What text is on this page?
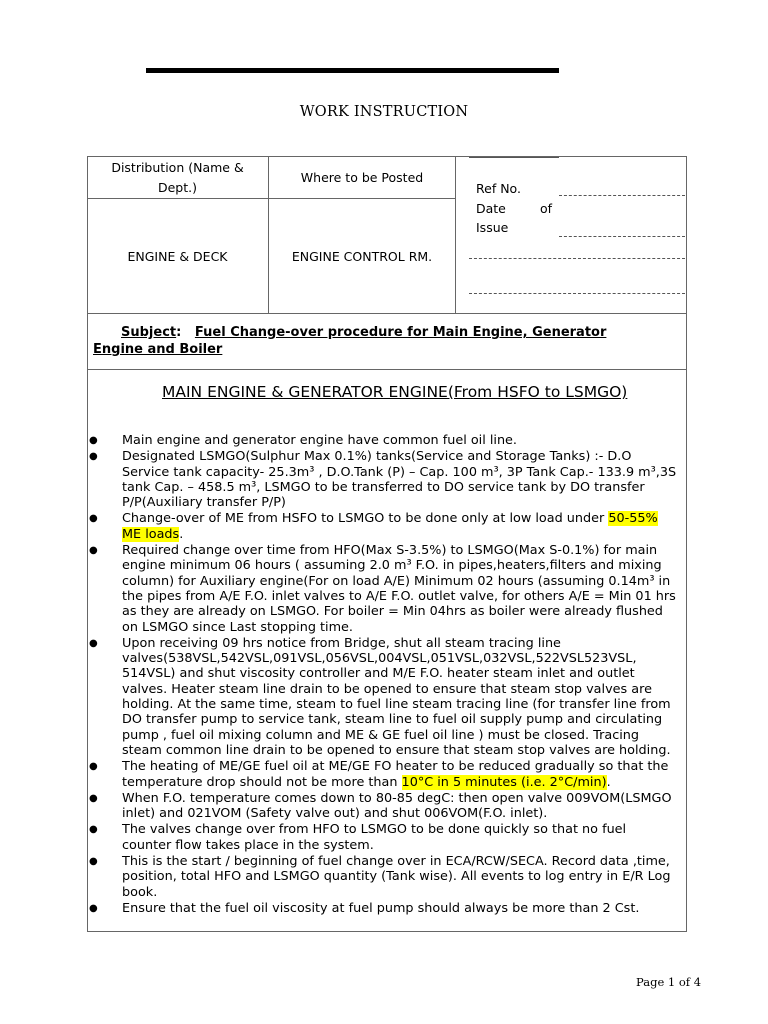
WORK INSTRUCTION
Distribution (Name & Dept.)
Where to be Posted
ENGINE & DECK	ENGINE CONTROL RM.
Ref No.
Date of Issue
Subject:   Fuel Change-over procedure for Main Engine, Generator Engine and Boiler
MAIN ENGINE & GENERATOR ENGINE(From HSFO to LSMGO)
● Main engine and generator engine have common fuel oil line.
● Designated LSMGO(Sulphur Max 0.1%) tanks(Service and Storage Tanks) :- D.O Service tank capacity- 25.3m³ , D.O.Tank (P) – Cap. 100 m³, 3P Tank Cap.- 133.9 m³,3S tank Cap. – 458.5 m³, LSMGO to be transferred to DO service tank by DO transfer P/P(Auxiliary transfer P/P)
● Change-over of ME from HSFO to LSMGO to be done only at low load under 50-55% ME loads.
● Required change over time from HFO(Max S-3.5%) to LSMGO(Max S-0.1%) for main engine minimum 06 hours ( assuming 2.0 m³ F.O. in pipes,heaters,filters and mixing column) for Auxiliary engine(For on load A/E) Minimum 02 hours (assuming 0.14m³ in the pipes from A/E F.O. inlet valves to A/E F.O. outlet valve, for others A/E = Min 01 hrs as they are already on LSMGO. For boiler = Min 04hrs as boiler were already flushed on LSMGO since Last stopping time.
● Upon receiving 09 hrs notice from Bridge, shut all steam tracing line valves(538VSL,542VSL,091VSL,056VSL,004VSL,051VSL,032VSL,522VSL523VSL, 514VSL) and shut viscosity controller and M/E F.O. heater steam inlet and outlet valves. Heater steam line drain to be opened to ensure that steam stop valves are holding. At the same time, steam to fuel line steam tracing line (for transfer line from DO transfer pump to service tank, steam line to fuel oil supply pump and circulating pump , fuel oil mixing column and ME & GE fuel oil line ) must be closed. Tracing steam common line drain to be opened to ensure that steam stop valves are holding.
● The heating of ME/GE fuel oil at ME/GE FO heater to be reduced gradually so that the temperature drop should not be more than 10°C in 5 minutes (i.e. 2°C/min).
● When F.O. temperature comes down to 80-85 degC: then open valve 009VOM(LSMGO inlet) and 021VOM (Safety valve out) and shut 006VOM(F.O. inlet).
● The valves change over from HFO to LSMGO to be done quickly so that no fuel counter flow takes place in the system.
● This is the start / beginning of fuel change over in ECA/RCW/SECA. Record data ,time, position, total HFO and LSMGO quantity (Tank wise). All events to log entry in E/R Log book.
● Ensure that the fuel oil viscosity at fuel pump should always be more than 2 Cst.
Page 1 of 4
